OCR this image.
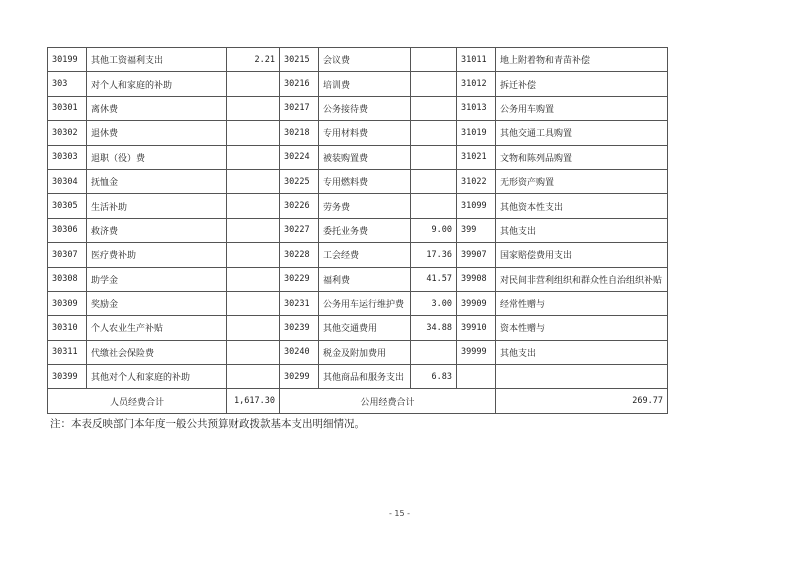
30199	其他工资福利支出	2.21	30215	会议费		31011	地上附着物和青苗补偿
303	对个人和家庭的补助		30216	培训费		31012	拆迁补偿
30301	离休费		30217	公务接待费		31013	公务用车购置
30302	退休费		30218	专用材料费		31019	其他交通工具购置
30303	退职（役）费		30224	被装购置费		31021	文物和陈列品购置
30304	抚恤金		30225	专用燃料费		31022	无形资产购置
30305	生活补助		30226	劳务费		31099	其他资本性支出
30306	救济费		30227	委托业务费	9.00	399	其他支出
30307	医疗费补助		30228	工会经费	17.36	39907	国家赔偿费用支出
30308	助学金		30229	福利费	41.57	39908	对民间非营利组织和群众性自治组织补贴
30309	奖励金		30231	公务用车运行维护费	3.00	39909	经常性赠与
30310	个人农业生产补贴		30239	其他交通费用	34.88	39910	资本性赠与
30311	代缴社会保险费		30240	税金及附加费用		39999	其他支出
30399	其他对个人和家庭的补助		30299	其他商品和服务支出	6.83		
人员经费合计		1,617.30	公用经费合计				269.77
注：本表反映部门本年度一般公共预算财政拨款基本支出明细情况。
- 15 -
